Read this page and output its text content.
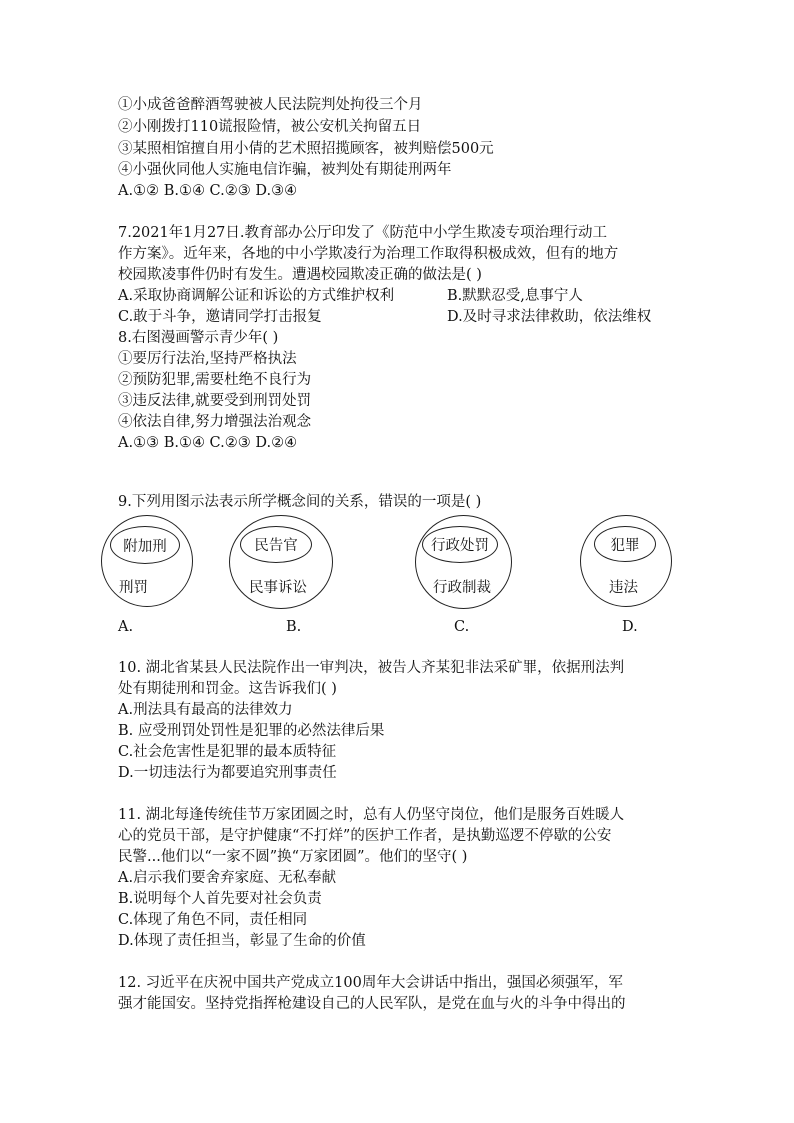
①小成爸爸醉酒驾驶被人民法院判处拘役三个月
②小刚拨打110谎报险情，被公安机关拘留五日
③某照相馆擅自用小倩的艺术照招揽顾客，被判赔偿500元
④小强伙同他人实施电信诈骗，被判处有期徒刑两年
A.①② B.①④ C.②③ D.③④
7.2021年1月27日.教育部办公厅印发了《防范中小学生欺凌专项治理行动工
作方案》。近年来，各地的中小学欺凌行为治理工作取得积极成效，但有的地方
校园欺凌事件仍时有发生。遭遇校园欺凌正确的做法是( )
A.采取协商调解公证和诉讼的方式维护权利	B.默默忍受,息事宁人
C.敢于斗争，邀请同学打击报复	D.及时寻求法律救助，依法维权
8.右图漫画警示青少年( )
①要厉行法治,坚持严格执法
②预防犯罪,需要杜绝不良行为
③违反法律,就要受到刑罚处罚
④依法自律,努力增强法治观念
A.①③ B.①④ C.②③ D.②④
9.下列用图示法表示所学概念间的关系，错误的一项是( )
附加刑
刑罚
A.
民告官
民事诉讼
B.
行政处罚
行政制裁
C.
犯罪
违法
D.
10. 湖北省某县人民法院作出一审判决，被告人齐某犯非法采矿罪，依据刑法判
处有期徒刑和罚金。这告诉我们( )
A.刑法具有最高的法律效力
B. 应受刑罚处罚性是犯罪的必然法律后果
C.社会危害性是犯罪的最本质特征
D.一切违法行为都要追究刑事责任
11. 湖北每逢传统佳节万家团圆之时，总有人仍坚守岗位，他们是服务百姓暖人
心的党员干部，是守护健康“不打烊”的医护工作者，是执勤巡逻不停歇的公安
民警...他们以“一家不圆”换“万家团圆”。他们的坚守( )
A.启示我们要舍弃家庭、无私奉献
B.说明每个人首先要对社会负责
C.体现了角色不同，责任相同
D.体现了责任担当，彰显了生命的价值
12. 习近平在庆祝中国共产党成立100周年大会讲话中指出，强国必须强军，军
强才能国安。坚持党指挥枪建设自己的人民军队，是党在血与火的斗争中得出的
